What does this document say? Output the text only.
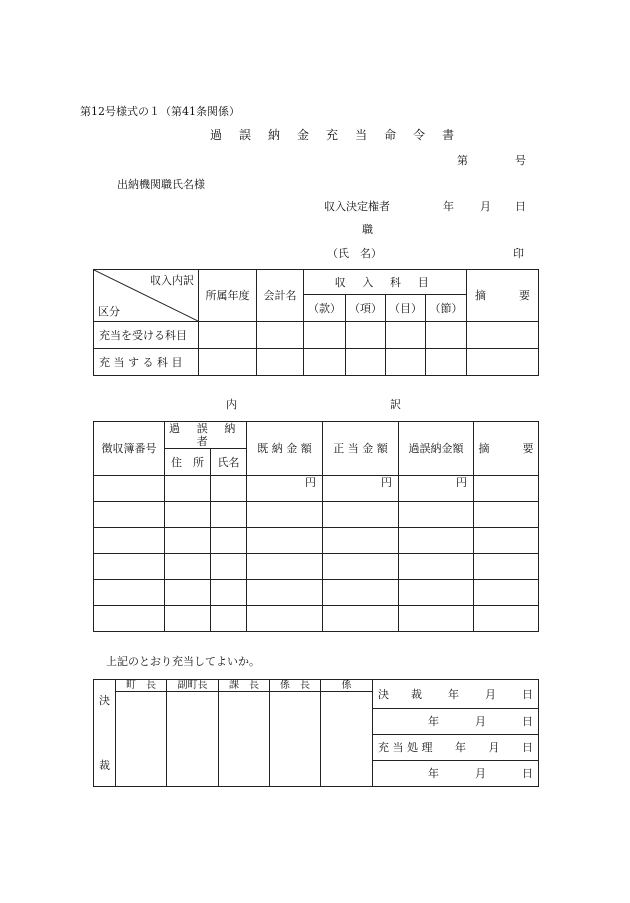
第12号様式の１（第41条関係）
過 誤 納 金 充 当 命 令 書
第	号
出納機関職氏名様
収入決定権者	年 月 日
職
（氏　名）	印
収入内訳
区分	所属年度	会計名	収 入 科 目				摘　　　要
			（款）	（項）	（目）	（節）	
充当を受ける科目							
充 当 す る 科 目							
内	訳
徴収簿番号	過 誤 納 者		既 納 金 額	正 当 金 額	過誤納金額	摘　　　要
	住　所	氏名				
			円	円	円	

上記のとおり充当してよいか。
決
裁	町　長	副町長	課　長	係　長	係	決　　裁 年 月 日

						年 月 日

						充 当 処 理 年 月 日

						年 月 日
